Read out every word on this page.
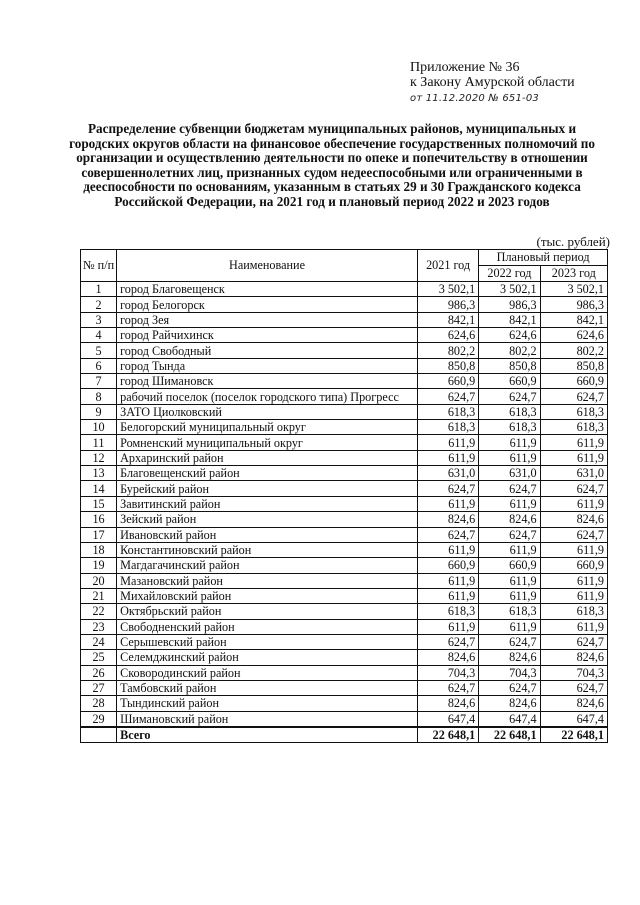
Приложение № 36
к Закону Амурской области
от 11.12.2020 № 651-03
Распределение субвенции бюджетам муниципальных районов, муниципальных и городских округов области на финансовое обеспечение государственных полномочий по организации и осуществлению деятельности по опеке и попечительству в отношении совершеннолетних лиц, признанных судом недееспособными или ограниченными в дееспособности по основаниям, указанным в статьях 29 и 30 Гражданского кодекса Российской Федерации, на 2021 год и плановый период 2022 и 2023 годов
(тыс. рублей)
№ п/п	Наименование	2021 год	Плановый период	
			2022 год	2023 год
1	город Благовещенск	3 502,1	3 502,1	3 502,1
2	город Белогорск	986,3	986,3	986,3
3	город Зея	842,1	842,1	842,1
4	город Райчихинск	624,6	624,6	624,6
5	город Свободный	802,2	802,2	802,2
6	город Тында	850,8	850,8	850,8
7	город Шимановск	660,9	660,9	660,9
8	рабочий поселок (поселок городского типа) Прогресс	624,7	624,7	624,7
9	ЗАТО Циолковский	618,3	618,3	618,3
10	Белогорский муниципальный округ	618,3	618,3	618,3
11	Ромненский муниципальный округ	611,9	611,9	611,9
12	Архаринский район	611,9	611,9	611,9
13	Благовещенский район	631,0	631,0	631,0
14	Бурейский район	624,7	624,7	624,7
15	Завитинский район	611,9	611,9	611,9
16	Зейский район	824,6	824,6	824,6
17	Ивановский район	624,7	624,7	624,7
18	Константиновский район	611,9	611,9	611,9
19	Магдагачинский район	660,9	660,9	660,9
20	Мазановский район	611,9	611,9	611,9
21	Михайловский район	611,9	611,9	611,9
22	Октябрьский район	618,3	618,3	618,3
23	Свободненский район	611,9	611,9	611,9
24	Серышевский район	624,7	624,7	624,7
25	Селемджинский район	824,6	824,6	824,6
26	Сковородинский район	704,3	704,3	704,3
27	Тамбовский район	624,7	624,7	624,7
28	Тындинский район	824,6	824,6	824,6
29	Шимановский район	647,4	647,4	647,4
	Всего	22 648,1	22 648,1	22 648,1
